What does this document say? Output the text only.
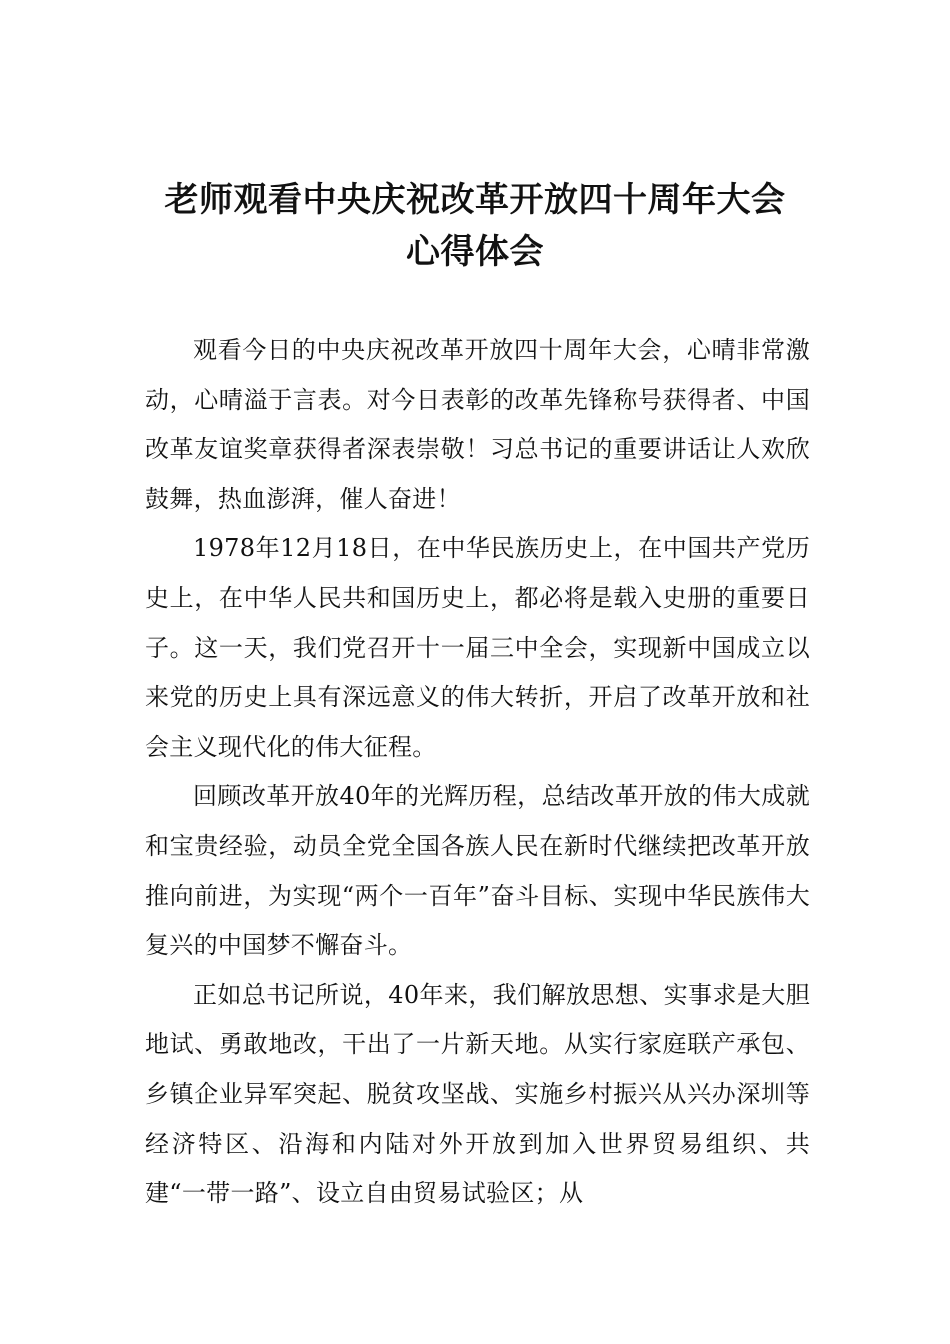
老师观看中央庆祝改革开放四十周年大会
心得体会

观看今日的中央庆祝改革开放四十周年大会，心晴非常激动，心晴溢于言表。对今日表彰的改革先锋称号获得者、中国改革友谊奖章获得者深表崇敬！习总书记的重要讲话让人欢欣鼓舞，热血澎湃，催人奋进！

1978年12月18日，在中华民族历史上，在中国共产党历史上，在中华人民共和国历史上，都必将是载入史册的重要日子。这一天，我们党召开十一届三中全会，实现新中国成立以来党的历史上具有深远意义的伟大转折，开启了改革开放和社会主义现代化的伟大征程。

回顾改革开放40年的光辉历程，总结改革开放的伟大成就和宝贵经验，动员全党全国各族人民在新时代继续把改革开放推向前进，为实现“两个一百年”奋斗目标、实现中华民族伟大复兴的中国梦不懈奋斗。

正如总书记所说，40年来，我们解放思想、实事求是大胆地试、勇敢地改，干出了一片新天地。从实行家庭联产承包、乡镇企业异军突起、脱贫攻坚战、实施乡村振兴从兴办深圳等经济特区、沿海和内陆对外开放到加入世界贸易组织、共建“一带一路”、设立自由贸易试验区；从
